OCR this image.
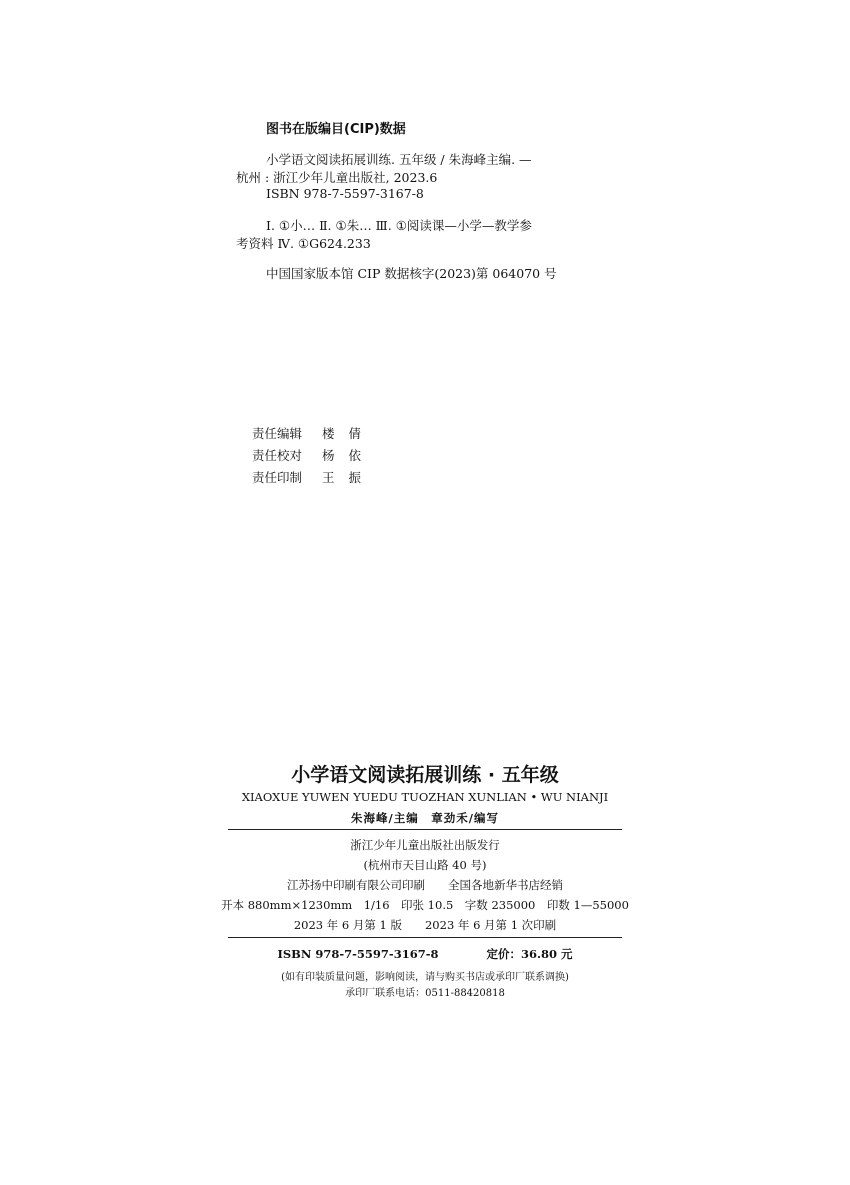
图书在版编目(CIP)数据
小学语文阅读拓展训练. 五年级 / 朱海峰主编. —
杭州 : 浙江少年儿童出版社, 2023.6
ISBN 978-7-5597-3167-8
Ⅰ. ①小… Ⅱ. ①朱… Ⅲ. ①阅读课—小学—教学参
考资料 Ⅳ. ①G624.233
中国国家版本馆 CIP 数据核字(2023)第 064070 号
责任编辑 楼倩
责任校对 杨依
责任印制 王振
小学语文阅读拓展训练 · 五年级
XIAOXUE YUWEN YUEDU TUOZHAN XUNLIAN • WU NIANJI
朱海峰/主编　章劲禾/编写
浙江少年儿童出版社出版发行
(杭州市天目山路 40 号)
江苏扬中印刷有限公司印刷　　全国各地新华书店经销
开本 880mm×1230mm　1/16　印张 10.5　字数 235000　印数 1—55000
2023 年 6 月第 1 版　　2023 年 6 月第 1 次印刷
ISBN 978-7-5597-3167-8	定价：36.80 元
(如有印装质量问题，影响阅读，请与购买书店或承印厂联系调换)
承印厂联系电话：0511-88420818
